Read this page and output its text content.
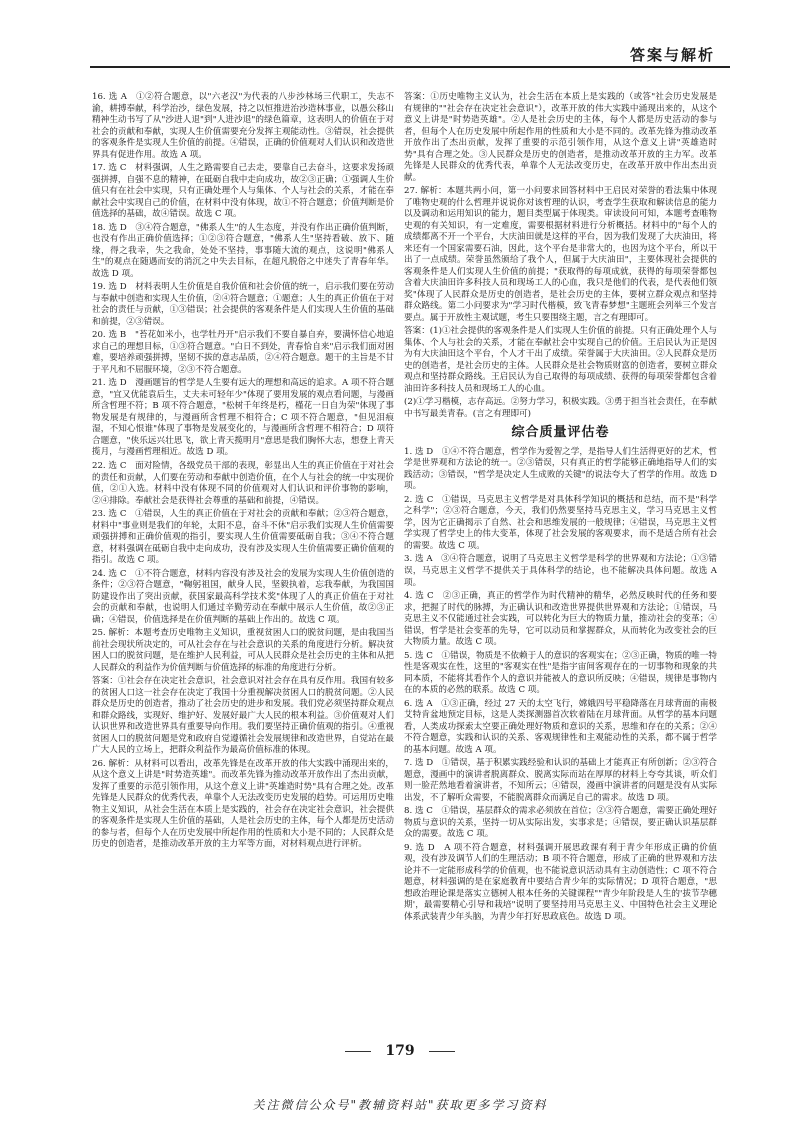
答案与解析

16. 选 A　①②符合题意，以"六老汉"为代表的八步沙林场三代职工，失志不渝，耕搏奉献，科学治沙，绿色发展，持之以恒推进治沙造林事业，以愚公移山精神生动书写了从"沙进人退"到"人进沙退"的绿色篇章，这表明人的价值在于对社会的贡献和奉献，实现人生价值需要充分发挥主观能动性。③错误，社会提供的客观条件是实现人生价值的前提。④错误，正确的价值观对人们认识和改造世界具有促进作用。故选 A 项。

17. 选 C　材料强调，人生之路需要自己去走，要靠自己去奋斗，这要求发扬顽强拼搏，自强不息的精神，在砥砺自我中走向成功，故②③正确；①强调人生价值只有在社会中实现，只有正确处理个人与集体、个人与社会的关系，才能在奉献社会中实现自己的价值，在材料中没有体现，故①不符合题意；价值判断是价值选择的基础，故④错误。故选 C 项。

18. 选 D　③④符合题意，"佛系人生"的人生态度，并没有作出正确价值判断，也没有作出正确价值选择；①②③符合题意，"佛系人生"坚持看破、放下、随缘，得之我幸，失之我命，处处不坚持，事事随大流的观点，这说明"佛系人生"的观点在随遇而安的消沉之中失去目标，在超凡脱俗之中迷失了青春年华。故选 D 项。

19. 选 D　材料表明人生价值是自我价值和社会价值的统一，启示我们要在劳动与奉献中创造和实现人生价值，②④符合题意；①题意；人生的真正价值在于对社会的责任与贡献，①③错误；社会提供的客观条件是人们实现人生价值的基础和前提，②③错误。

20. 选 B　"苔花如米小，也学牡丹开"启示我们不要自暴自弃，要满怀信心地追求自己的理想目标，①③符合题意。"白日不到处，青春恰自来"启示我们面对困难，要培养顽强拼搏，坚韧不拔的意志品质，②④符合题意。题干的主旨是不甘于平凡和不屈服环境，②③不符合题意。

21. 选 D　漫画题旨的哲学是人生要有远大的理想和高远的追求。A 项不符合题意，"宜又优能袁后生，丈夫未可轻年少"体现了要用发展的观点看问题，与漫画所含哲理不符；B 项不符合题意，"松树千年终是朽，槿花一日自为荣"体现了事物发展是有规律的，与漫画所含哲理不相符合；C 项不符合题意，"但见泪痕湿，不知心恨谁"体现了事物是发展变化的，与漫画所含哲理不相符合；D 项符合题意，"侠乐远兴壮思飞，欲上青天揽明月"意思是我们胸怀大志，想登上青天揽月，与漫画哲理相近。故选 D 项。

22. 选 C　面对险情，各级党员干部的表现，彰显出人生的真正价值在于对社会的责任和贡献，人们要在劳动和奉献中创造价值，在个人与社会的统一中实现价值，②①入选。材料中没有体现不同的价值观对人们认识和评价事物的影响，②④排除。奉献社会是获得社会尊重的基础和前提，④错误。

23. 选 C　①错误，人生的真正价值在于对社会的贡献和奉献；②③符合题意，材料中"事业则是我们的年轮，太阳不息，奋斗不休"启示我们实现人生价值需要顽强拼搏和正确价值观的指引，要实现人生价值需要砥砺自我；③④不符合题意，材料强调在砥砺自我中走向成功，没有涉及实现人生价值需要正确价值观的指引。故选 C 项。

24. 选 C　①不符合题意，材料内容没有涉及社会的发展为实现人生价值创造的条件；②③符合题意，"鞠躬祖国，献身人民，坚毅执着，忘我奉献，为我国国防建设作出了突出贡献，获国家最高科学技术奖"体现了人的真正价值在于对社会的贡献和奉献，也说明人们通过辛勤劳动在奉献中展示人生价值，故②③正确；④错误，价值选择是在价值判断的基础上作出的。故选 C 项。

25. 解析：本题考查历史唯物主义知识，重视贫困人口的脱贫问题，是由我国当前社会现状所决定的，可从社会存在与社会意识的关系的角度进行分析。解决贫困人口的脱贫问题，是在维护人民利益，可从人民群众是社会历史的主体和从把人民群众的利益作为价值判断与价值选择的标准的角度进行分析。

答案：①社会存在决定社会意识，社会意识对社会存在具有反作用。我国有较多的贫困人口这一社会存在决定了我国十分重视解决贫困人口的脱贫问题。②人民群众是历史的创造者，推动了社会历史的进步和发展。我们党必须坚持群众观点和群众路线，实现好、维护好、发展好最广大人民的根本利益。③价值观对人们认识世界和改造世界具有重要导向作用。我们要坚持正确价值观的指引。④重视贫困人口的脱贫问题是党和政府自觉遵循社会发展规律和改造世界，自觉站在最广大人民的立场上，把群众利益作为最高价值标准的体现。

26. 解析：从材料可以看出，改革先锋是在改革开放的伟大实践中涌现出来的，从这个意义上讲是"时势造英雄"。而改革先锋为推动改革开放作出了杰出贡献，发挥了重要的示范引领作用，从这个意义上讲"英雄造时势"具有合理之处。改革先锋是人民群众的优秀代表，单靠个人无法改变历史发展的趋势。可运用历史唯物主义知识，从社会生活在本质上是实践的，社会存在决定社会意识，社会提供的客观条件是实现人生价值的基础，人是社会历史的主体，每个人都是历史活动的参与者，但每个人在历史发展中所起作用的性质和大小是不同的；人民群众是历史的创造者，是推动改革开放的主力军等方面，对材料观点进行评析。

答案：①历史唯物主义认为，社会生活在本质上是实践的（或答"社会历史发展是有规律的""社会存在决定社会意识"），改革开放的伟大实践中涌现出来的，从这个意义上讲是"时势造英雄"。②人是社会历史的主体，每个人都是历史活动的参与者，但每个人在历史发展中所起作用的性质和大小是不同的。改革先锋为推动改革开放作出了杰出贡献，发挥了重要的示范引领作用，从这个意义上讲"英雄造时势"具有合理之处。③人民群众是历史的创造者，是推动改革开放的主力军。改革先锋是人民群众的优秀代表，单靠个人无法改变历史，在改革开放中作出杰出贡献。

27. 解析：本题共两小问，第一小问要求回答材料中王启民对荣誉的看法集中体现了唯物史观的什么哲理并说说你对该哲理的认识，考查学生获取和解读信息的能力以及调动和运用知识的能力，题目类型属于体现类。审读设问可知，本题考查唯物史观的有关知识，有一定难度，需要根据材料进行分析概括。材料中的"每个人的成绩都离不开一个平台，大庆油田就是这样的平台，因为我们发现了大庆油田，将来还有一个国家需要石油，因此，这个平台是非常大的，也因为这个平台，所以干出了一点成绩。荣誉虽然颁给了我个人，但属于大庆油田"，主要体现社会提供的客观条件是人们实现人生价值的前提；"获取得的每项成就，获得的每项荣誉都包含着大庆油田许多科技人员和现场工人的心血，我只是他们的代表，是代表他们领奖"体现了人民群众是历史的创造者，是社会历史的主体，要树立群众观点和坚持群众路线。第二小问要求为"学习时代楷模，致飞青春梦想"主题班会列举三个发言要点。属于开放性主观试题，考生只要围绕主题，言之有理即可。

答案：(1)①社会提供的客观条件是人们实现人生价值的前提。只有正确处理个人与集体、个人与社会的关系，才能在奉献社会中实现自己的价值。王启民认为正是因为有大庆油田这个平台，个人才干出了成绩。荣誉属于大庆油田。②人民群众是历史的创造者，是社会历史的主体。人民群众是社会物质财富的创造者，要树立群众观点和坚持群众路线。王启民认为自己取得的每项成绩、获得的每项荣誉都包含着油田许多科技人员和现场工人的心血。

(2)①学习楷模，志存高远。②努力学习，积极实践。③勇于担当社会责任，在奉献中书写最美青春。(言之有理即可)

综合质量评估卷

1. 选 D　①④不符合题意，哲学作为爱智之学，是指导人们生活得更好的艺术，哲学是世界观和方法论的统一。②③错误，只有真正的哲学能够正确地指导人们的实践活动；③错误，"哲学是决定人生成败的关键"的说法夸大了哲学的作用。故选 D 项。

2. 选 C　①错误，马克思主义哲学是对具体科学知识的概括和总结，而不是"科学之科学"；②③符合题意，今天，我们仍然要坚持马克思主义，学习马克思主义哲学，因为它正确揭示了自然、社会和思维发展的一般规律；④错误，马克思主义哲学实现了哲学史上的伟大变革，体现了社会发展的客观要求，而不是适合所有社会的需要。故选 C 项。

3. 选 A　③④符合题意，说明了马克思主义哲学是科学的世界观和方法论；①③错误，马克思主义哲学不提供关于具体科学的结论，也不能解决具体问题。故选 A 项。

4. 选 C　②③正确，真正的哲学作为时代精神的精华，必然反映时代的任务和要求，把握了时代的脉搏，为正确认识和改造世界提供世界观和方法论；①错误，马克思主义不仅能通过社会实践，可以转化为巨大的物质力量，推动社会的变革；④错误，哲学是社会变革的先导，它可以动员和掌握群众，从而转化为改变社会的巨大物质力量。故选 C 项。

5. 选 C　①错误，物质是不依赖于人的意识的客观实在；②③正确，物质的唯一特性是客观实在性，这里的"客观实在性"是指宇宙间客观存在的一切事物和现象的共同本质，不能将其看作个人的意识并能被人的意识所反映；④错误，规律是事物内在的本质的必然的联系。故选 C 项。

6. 选 A　①③正确，经过 27 天的太空飞行，嫦娥四号平稳降落在月球背面的南极艾特肯盆地预定目标，这是人类探测器首次软着陆在月球背面。从哲学的基本问题看，人类成功探索太空要正确处理好物质和意识的关系，思维和存在的关系；②④不符合题意，实践和认识的关系、客观规律性和主观能动性的关系，都不属于哲学的基本问题。故选 A 项。

7. 选 D　①错误，基于积累实践经验和认识的基础上才能真正有所创新；②③符合题意，漫画中的演讲者脱离群众、脱离实际而站在厚厚的材料上夸夸其谈，听众们则一脸茫然地看着演讲者，不知所云；④错误，漫画中演讲者的问题是没有从实际出发，不了解听众需要，不能脱离群众而满足自己的需求。故选 D 项。

8. 选 C　①错误，基层群众的需求必须放在首位；②③符合题意，需要正确处理好物质与意识的关系，坚持一切从实际出发，实事求是；④错误，要正确认识基层群众的需要。故选 C 项。

9. 选 D　A 项不符合题意，材料强调开展思政课有利于青少年形成正确的价值观，没有涉及调节人们的生理活动；B 项不符合题意，形成了正确的世界观和方法论并不一定能形成科学的价值观，也不能说意识活动具有主动创造性；C 项不符合题意，材料强调的是在家庭教育中要结合青少年的实际情况；D 项符合题意，"思想政治理论课是落实立德树人根本任务的关键课程""青少年阶段是人生的'拔节孕穗期'，最需要精心引导和栽培"说明了要坚持用马克思主义、中国特色社会主义理论体系武装青少年头脑，为青少年打好思政底色。故选 D 项。

179
关注微信公众号"教辅资料站"获取更多学习资料
